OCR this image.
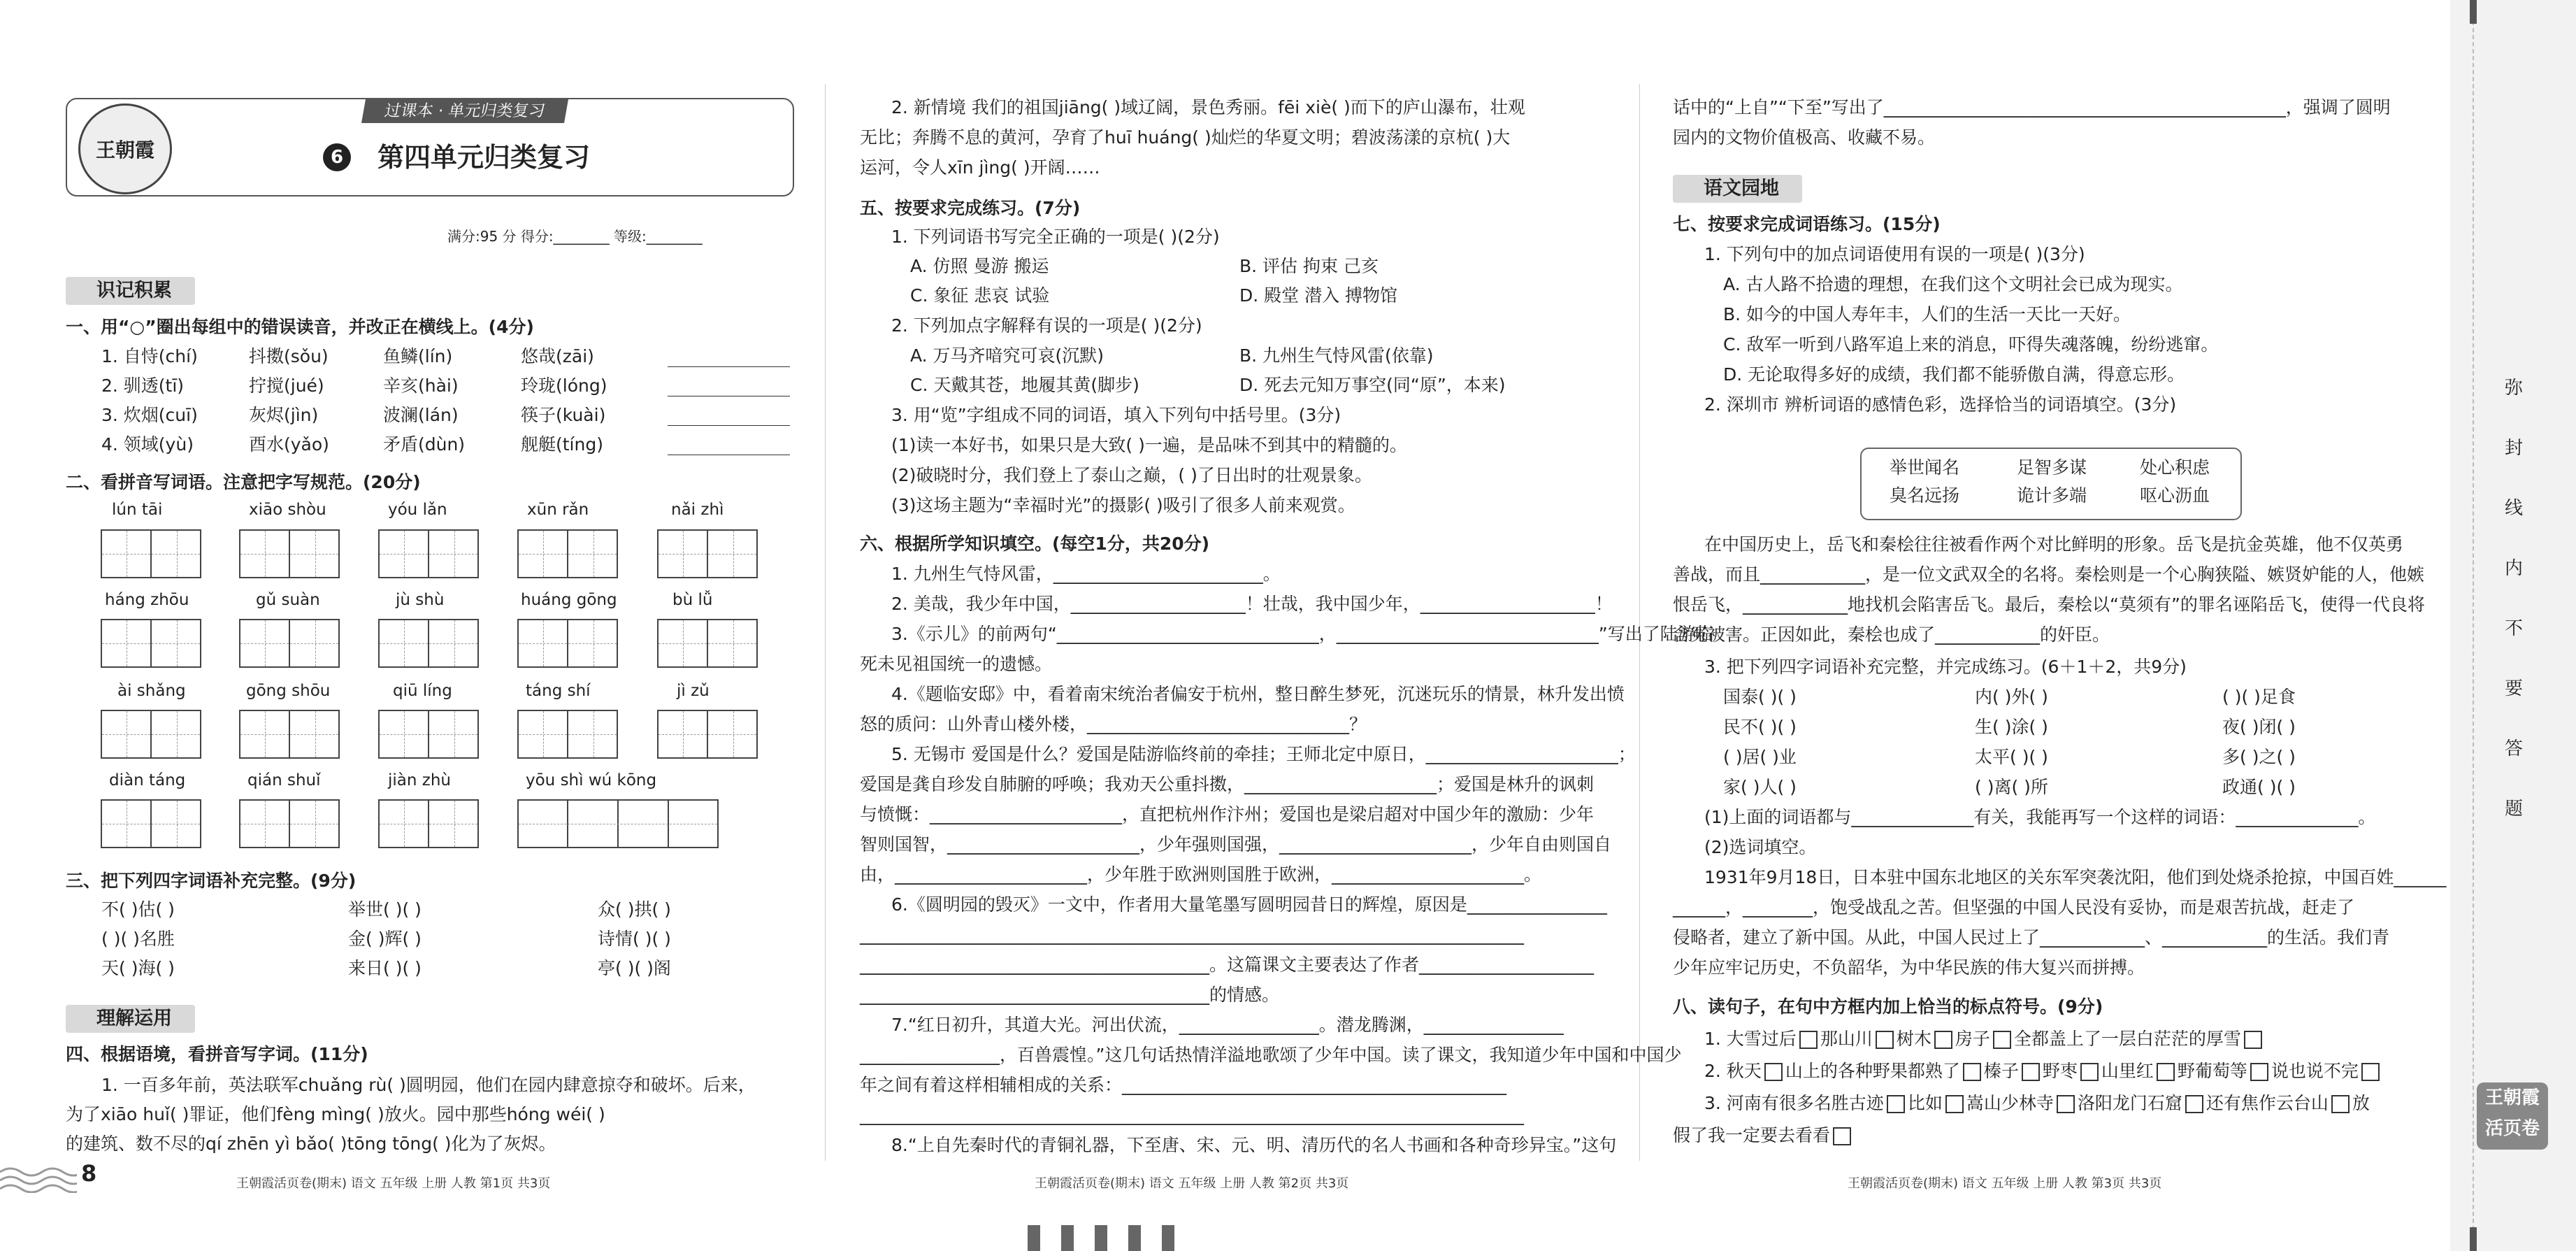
王朝霞
过课本 · 单元归类复习
6 第四单元归类复习
满分:95 分 得分:________ 等级:________
识记积累
一、用“○”圈出每组中的错误读音，并改正在横线上。(4分)
1. 自恃(chí)	抖擞(sǒu)	鱼鳞(lín)	悠哉(zāi)
2. 驯透(tī)	拧搅(jué)	辛亥(hài)	玲珑(lóng)
3. 炊烟(cuī)	灰烬(jìn)	波澜(lán)	筷子(kuài)
4. 领域(yù)	酉水(yǎo)	矛盾(dùn)	舰艇(tíng)
二、看拼音写词语。注意把字写规范。(20分)
lún tāi	xiāo shòu	yóu lǎn	xūn rǎn	nǎi zhì
háng zhōu	gǔ suàn	jù shù	huáng gōng	bù lǚ
ài shǎng	gōng shōu	qiū líng	táng shí	jì zǔ
diàn táng	qián shuǐ	jiàn zhù	yōu shì wú kōng
三、把下列四字词语补充完整。(9分)
不( )估( )	举世( )( )	众( )拱( )
( )( )名胜	金( )辉( )	诗情( )( )
天( )海( )	来日( )( )	亭( )( )阁
理解运用
四、根据语境，看拼音写字词。(11分)
1. 一百多年前，英法联军chuǎng rù( )圆明园，他们在园内肆意掠夺和破坏。后来，
为了xiāo huǐ( )罪证，他们fèng mìng( )放火。园中那些hóng wéi( )
的建筑、数不尽的qí zhēn yì bǎo( )tōng tōng( )化为了灰烬。
8	王朝霞活页卷(期末) 语文 五年级 上册 人教 第1页 共3页
2. 新情境 我们的祖国jiāng( )域辽阔，景色秀丽。fēi xiè( )而下的庐山瀑布，壮观
无比；奔腾不息的黄河，孕育了huī huáng( )灿烂的华夏文明；碧波荡漾的京杭( )大
运河，令人xīn jìng( )开阔……
五、按要求完成练习。(7分)
1. 下列词语书写完全正确的一项是( )(2分)
A. 仿照 曼游 搬运	B. 评估 拘束 己亥
C. 象征 悲哀 试验	D. 殿堂 潜入 搏物馆
2. 下列加点字解释有误的一项是( )(2分)
A. 万马齐喑究可哀(沉默)	B. 九州生气恃风雷(依靠)
C. 天戴其苍，地履其黄(脚步)	D. 死去元知万事空(同“原”，本来)
3. 用“览”字组成不同的词语，填入下列句中括号里。(3分)
(1)读一本好书，如果只是大致( )一遍，是品味不到其中的精髓的。
(2)破晓时分，我们登上了泰山之巅，( )了日出时的壮观景象。
(3)这场主题为“幸福时光”的摄影( )吸引了很多人前来观赏。
六、根据所学知识填空。(每空1分，共20分)
1. 九州生气恃风雷，________________________。
2. 美哉，我少年中国，____________________！壮哉，我中国少年，____________________！
3.《示儿》的前两句“______________________________，______________________________”写出了陆游临
死未见祖国统一的遗憾。
4.《题临安邸》中，看着南宋统治者偏安于杭州，整日醉生梦死，沉迷玩乐的情景，林升发出愤
怒的质问：山外青山楼外楼，______________________________？
5. 无锡市 爱国是什么？爱国是陆游临终前的牵挂；王师北定中原日，______________________；
爱国是龚自珍发自肺腑的呼唤；我劝天公重抖擞，______________________；爱国是林升的讽刺
与愤慨：______________________，直把杭州作汴州；爱国也是梁启超对中国少年的激励：少年
智则国智，______________________，少年强则国强，______________________，少年自由则国自
由，______________________，少年胜于欧洲则国胜于欧洲，______________________。
6.《圆明园的毁灭》一文中，作者用大量笔墨写圆明园昔日的辉煌，原因是________________
____________________________________________________________________________
________________________________________。这篇课文主要表达了作者____________________
________________________________________的情感。
7.“红日初升，其道大光。河出伏流，________________。潜龙腾渊，________________
________________，百兽震惶。”这几句话热情洋溢地歌颂了少年中国。读了课文，我知道少年中国和中国少
年之间有着这样相辅相成的关系：____________________________________________
____________________________________________________________________________
8.“上自先秦时代的青铜礼器，下至唐、宋、元、明、清历代的名人书画和各种奇珍异宝。”这句
王朝霞活页卷(期末) 语文 五年级 上册 人教 第2页 共3页
话中的“上自”“下至”写出了______________________________________________，强调了圆明
园内的文物价值极高、收藏不易。
语文园地
七、按要求完成词语练习。(15分)
1. 下列句中的加点词语使用有误的一项是( )(3分)
A. 古人路不拾遗的理想，在我们这个文明社会已成为现实。
B. 如今的中国人寿年丰，人们的生活一天比一天好。
C. 敌军一听到八路军追上来的消息，吓得失魂落魄，纷纷逃窜。
D. 无论取得多好的成绩，我们都不能骄傲自满，得意忘形。
2. 深圳市 辨析词语的感情色彩，选择恰当的词语填空。(3分)
举世闻名	足智多谋	处心积虑
臭名远扬	诡计多端	呕心沥血
在中国历史上，岳飞和秦桧往往被看作两个对比鲜明的形象。岳飞是抗金英雄，他不仅英勇
善战，而且____________，是一位文武双全的名将。秦桧则是一个心胸狭隘、嫉贤妒能的人，他嫉
恨岳飞，____________地找机会陷害岳飞。最后，秦桧以“莫须有”的罪名诬陷岳飞，使得一代良将
含冤被害。正因如此，秦桧也成了____________的奸臣。
3. 把下列四字词语补充完整，并完成练习。(6＋1＋2，共9分)
国泰( )( )	内( )外( )	( )( )足食
民不( )( )	生( )涂( )	夜( )闭( )
( )居( )业	太平( )( )	多( )之( )
家( )人( )	( )离( )所	政通( )( )
(1)上面的词语都与______________有关，我能再写一个这样的词语：______________。
(2)选词填空。
1931年9月18日，日本驻中国东北地区的关东军突袭沈阳，他们到处烧杀抢掠，中国百姓______
______，________，饱受战乱之苦。但坚强的中国人民没有妥协，而是艰苦抗战，赶走了
侵略者，建立了新中国。从此，中国人民过上了____________、____________的生活。我们青
少年应牢记历史，不负韶华，为中华民族的伟大复兴而拼搏。
八、读句子，在句中方框内加上恰当的标点符号。(9分)
1. 大雪过后 那山川 树木 房子 全都盖上了一层白茫茫的厚雪
2. 秋天 山上的各种野果都熟了 榛子 野枣 山里红 野葡萄等 说也说不完
3. 河南有很多名胜古迹 比如 嵩山少林寺 洛阳龙门石窟 还有焦作云台山 放
假了我一定要去看看
王朝霞活页卷(期末) 语文 五年级 上册 人教 第3页 共3页
弥
封
线
内
不
要
答
题
王朝霞
活页卷
